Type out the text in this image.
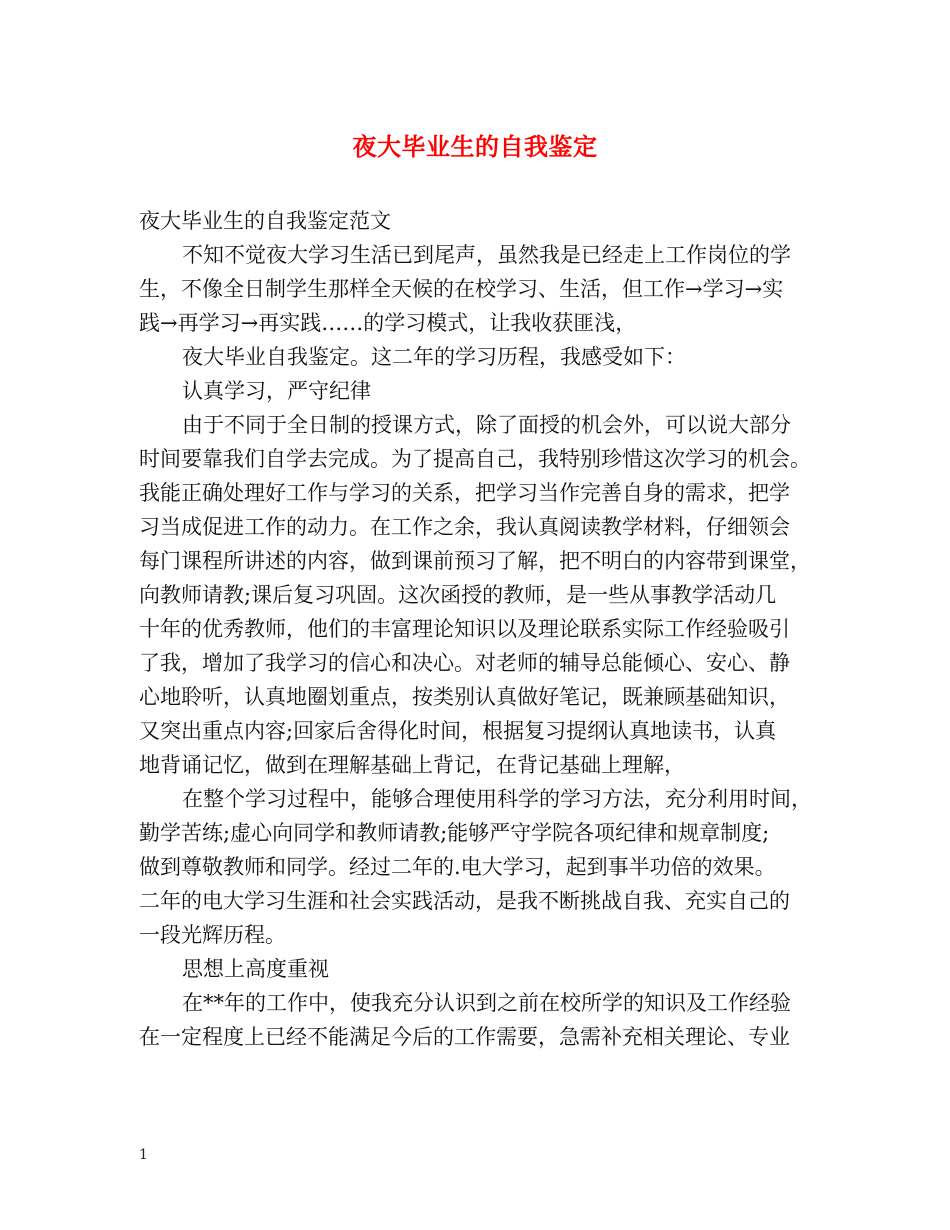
夜大毕业生的自我鉴定
夜大毕业生的自我鉴定范文
不知不觉夜大学习生活已到尾声，虽然我是已经走上工作岗位的学
生，不像全日制学生那样全天候的在校学习、生活，但工作→学习→实
践→再学习→再实践……的学习模式，让我收获匪浅，
夜大毕业自我鉴定。这二年的学习历程，我感受如下：
认真学习，严守纪律
由于不同于全日制的授课方式，除了面授的机会外，可以说大部分
时间要靠我们自学去完成。为了提高自己，我特别珍惜这次学习的机会。
我能正确处理好工作与学习的关系，把学习当作完善自身的需求，把学
习当成促进工作的动力。在工作之余，我认真阅读教学材料，仔细领会
每门课程所讲述的内容，做到课前预习了解，把不明白的内容带到课堂，
向教师请教;课后复习巩固。这次函授的教师，是一些从事教学活动几
十年的优秀教师，他们的丰富理论知识以及理论联系实际工作经验吸引
了我，增加了我学习的信心和决心。对老师的辅导总能倾心、安心、静
心地聆听，认真地圈划重点，按类别认真做好笔记，既兼顾基础知识，
又突出重点内容;回家后舍得化时间，根据复习提纲认真地读书，认真
地背诵记忆，做到在理解基础上背记，在背记基础上理解，
在整个学习过程中，能够合理使用科学的学习方法，充分利用时间，
勤学苦练;虚心向同学和教师请教;能够严守学院各项纪律和规章制度;
做到尊敬教师和同学。经过二年的.电大学习，起到事半功倍的效果。
二年的电大学习生涯和社会实践活动，是我不断挑战自我、充实自己的
一段光辉历程。
思想上高度重视
在**年的工作中，使我充分认识到之前在校所学的知识及工作经验
在一定程度上已经不能满足今后的工作需要，急需补充相关理论、专业
1
